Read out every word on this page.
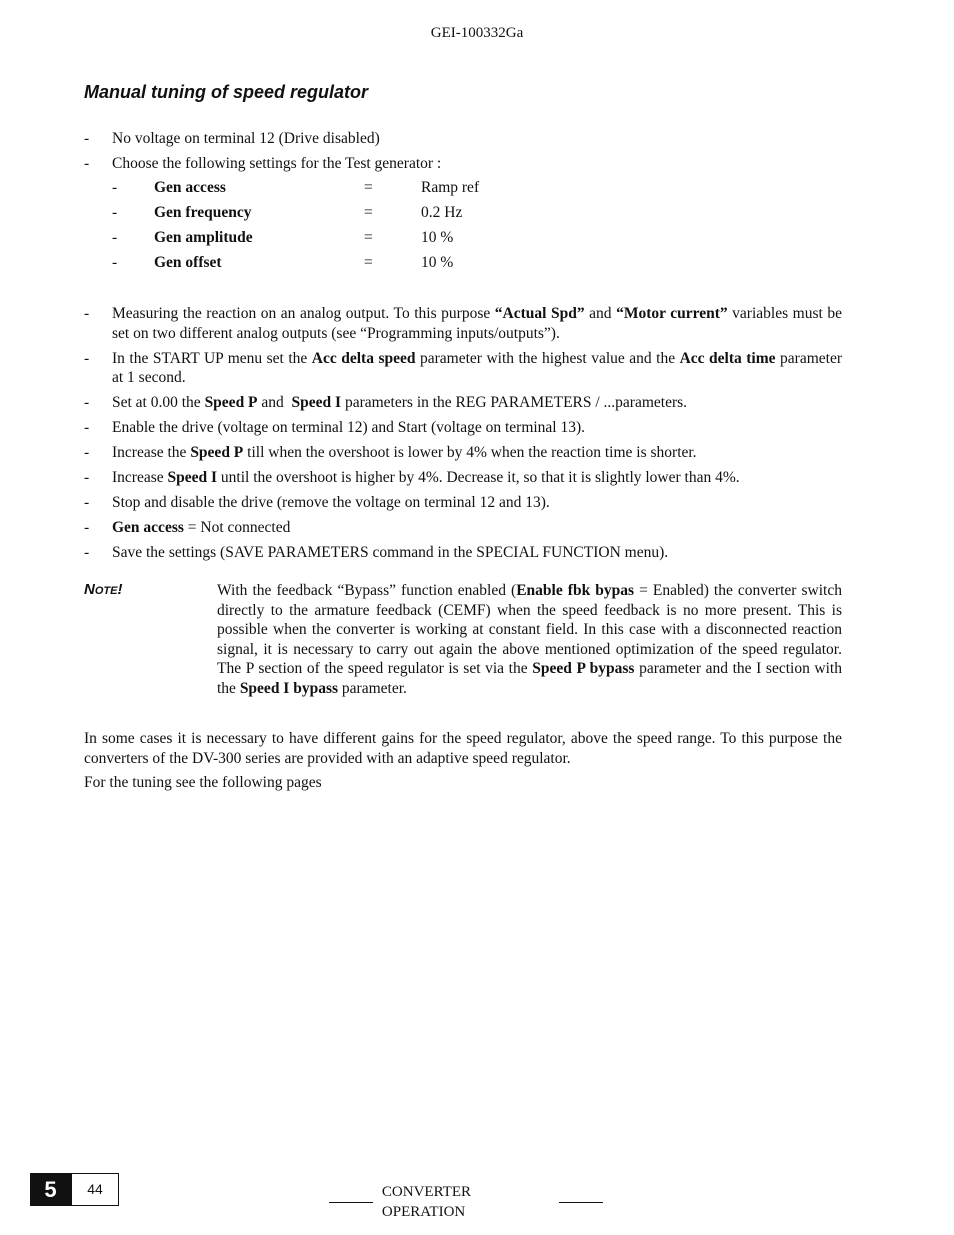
GEI-100332Ga
Manual tuning of speed regulator
- No voltage on terminal 12 (Drive disabled)
- Choose the following settings for the Test generator :
- Gen access	=	Ramp ref
- Gen frequency	=	0.2 Hz
- Gen amplitude	=	10 %
- Gen offset	=	10 %
- Measuring the reaction on an analog output. To this purpose “Actual Spd” and “Motor current” variables must be set on two different analog outputs (see “Programming inputs/outputs”).
- In the START UP menu set the Acc delta speed parameter with the highest value and the Acc delta time parameter at 1 second.
- Set at 0.00 the Speed P and  Speed I parameters in the REG PARAMETERS / ...parameters.
- Enable the drive (voltage on terminal 12) and Start (voltage on terminal 13).
- Increase the Speed P till when the overshoot is lower by 4% when the reaction time is shorter.
- Increase Speed I until the overshoot is higher by 4%. Decrease it, so that it is slightly lower than 4%.
- Stop and disable the drive (remove the voltage on terminal 12 and 13).
- Gen access = Not connected
- Save the settings (SAVE PARAMETERS command in the SPECIAL FUNCTION menu).
NOTE!	With the feedback “Bypass” function enabled (Enable fbk bypas = Enabled) the converter switch directly to the armature feedback (CEMF) when the speed feedback is no more present. This is possible when the converter is working at constant field. In this case with a disconnected reaction signal, it is necessary to carry out again the above mentioned optimization of the speed regulator. The P section of the speed regulator is set via the Speed P bypass parameter and the I section with the Speed I bypass parameter.

In some cases it is necessary to have different gains for the speed regulator, above the speed range. To this purpose the converters of the DV-300 series are provided with an adaptive speed regulator.

For the tuning see the following pages

5	44	CONVERTER OPERATION
